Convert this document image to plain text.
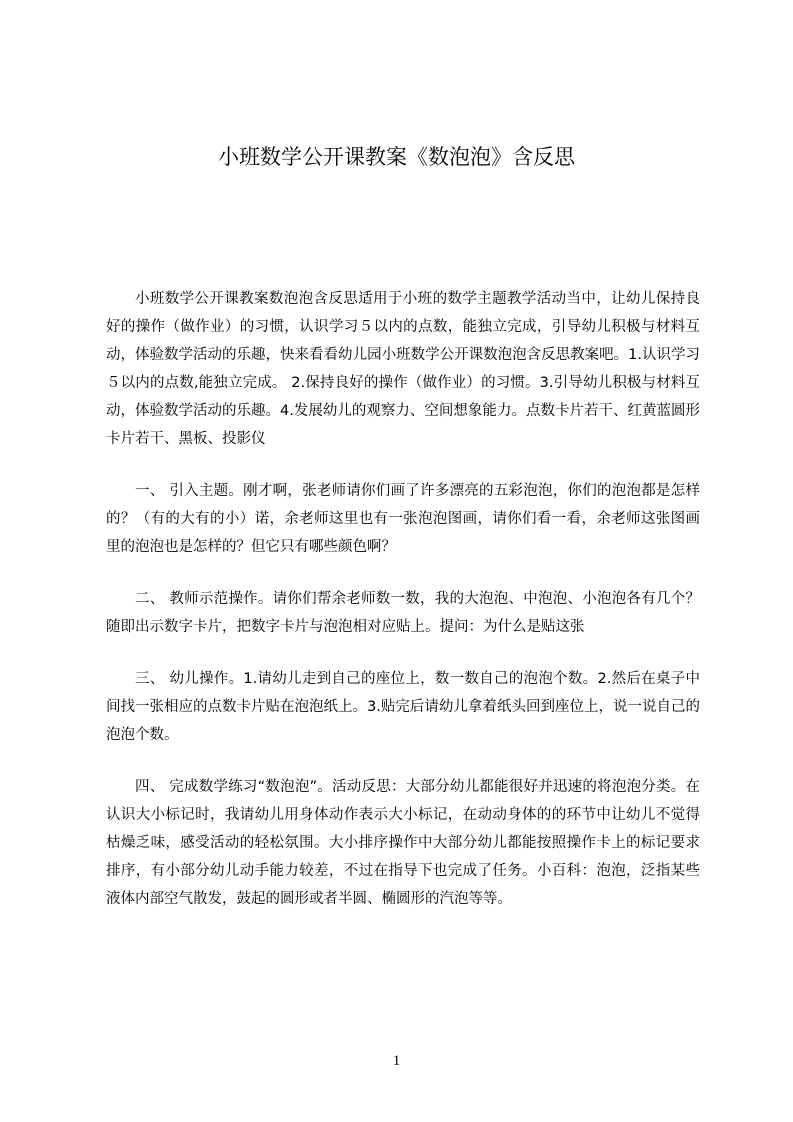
小班数学公开课教案《数泡泡》含反思

小班数学公开课教案数泡泡含反思适用于小班的数学主题教学活动当中，让幼儿保持良好的操作（做作业）的习惯，认识学习５以内的点数，能独立完成，引导幼儿积极与材料互动，体验数学活动的乐趣，快来看看幼儿园小班数学公开课数泡泡含反思教案吧。1.认识学习５以内的点数,能独立完成。 2.保持良好的操作（做作业）的习惯。3.引导幼儿积极与材料互动，体验数学活动的乐趣。4.发展幼儿的观察力、空间想象能力。点数卡片若干、红黄蓝圆形卡片若干、黑板、投影仪

一、 引入主题。刚才啊，张老师请你们画了许多漂亮的五彩泡泡，你们的泡泡都是怎样的？（有的大有的小）诺，余老师这里也有一张泡泡图画，请你们看一看，余老师这张图画里的泡泡也是怎样的？但它只有哪些颜色啊？

二、 教师示范操作。请你们帮余老师数一数，我的大泡泡、中泡泡、小泡泡各有几个？随即出示数字卡片，把数字卡片与泡泡相对应贴上。提问：为什么是贴这张

三、 幼儿操作。1.请幼儿走到自己的座位上，数一数自己的泡泡个数。2.然后在桌子中间找一张相应的点数卡片贴在泡泡纸上。3.贴完后请幼儿拿着纸头回到座位上，说一说自己的泡泡个数。

四、 完成数学练习“数泡泡”。活动反思：大部分幼儿都能很好并迅速的将泡泡分类。在认识大小标记时，我请幼儿用身体动作表示大小标记，在动动身体的的环节中让幼儿不觉得枯燥乏味，感受活动的轻松氛围。大小排序操作中大部分幼儿都能按照操作卡上的标记要求排序，有小部分幼儿动手能力较差，不过在指导下也完成了任务。小百科：泡泡，泛指某些液体内部空气散发，鼓起的圆形或者半圆、椭圆形的汽泡等等。

1
